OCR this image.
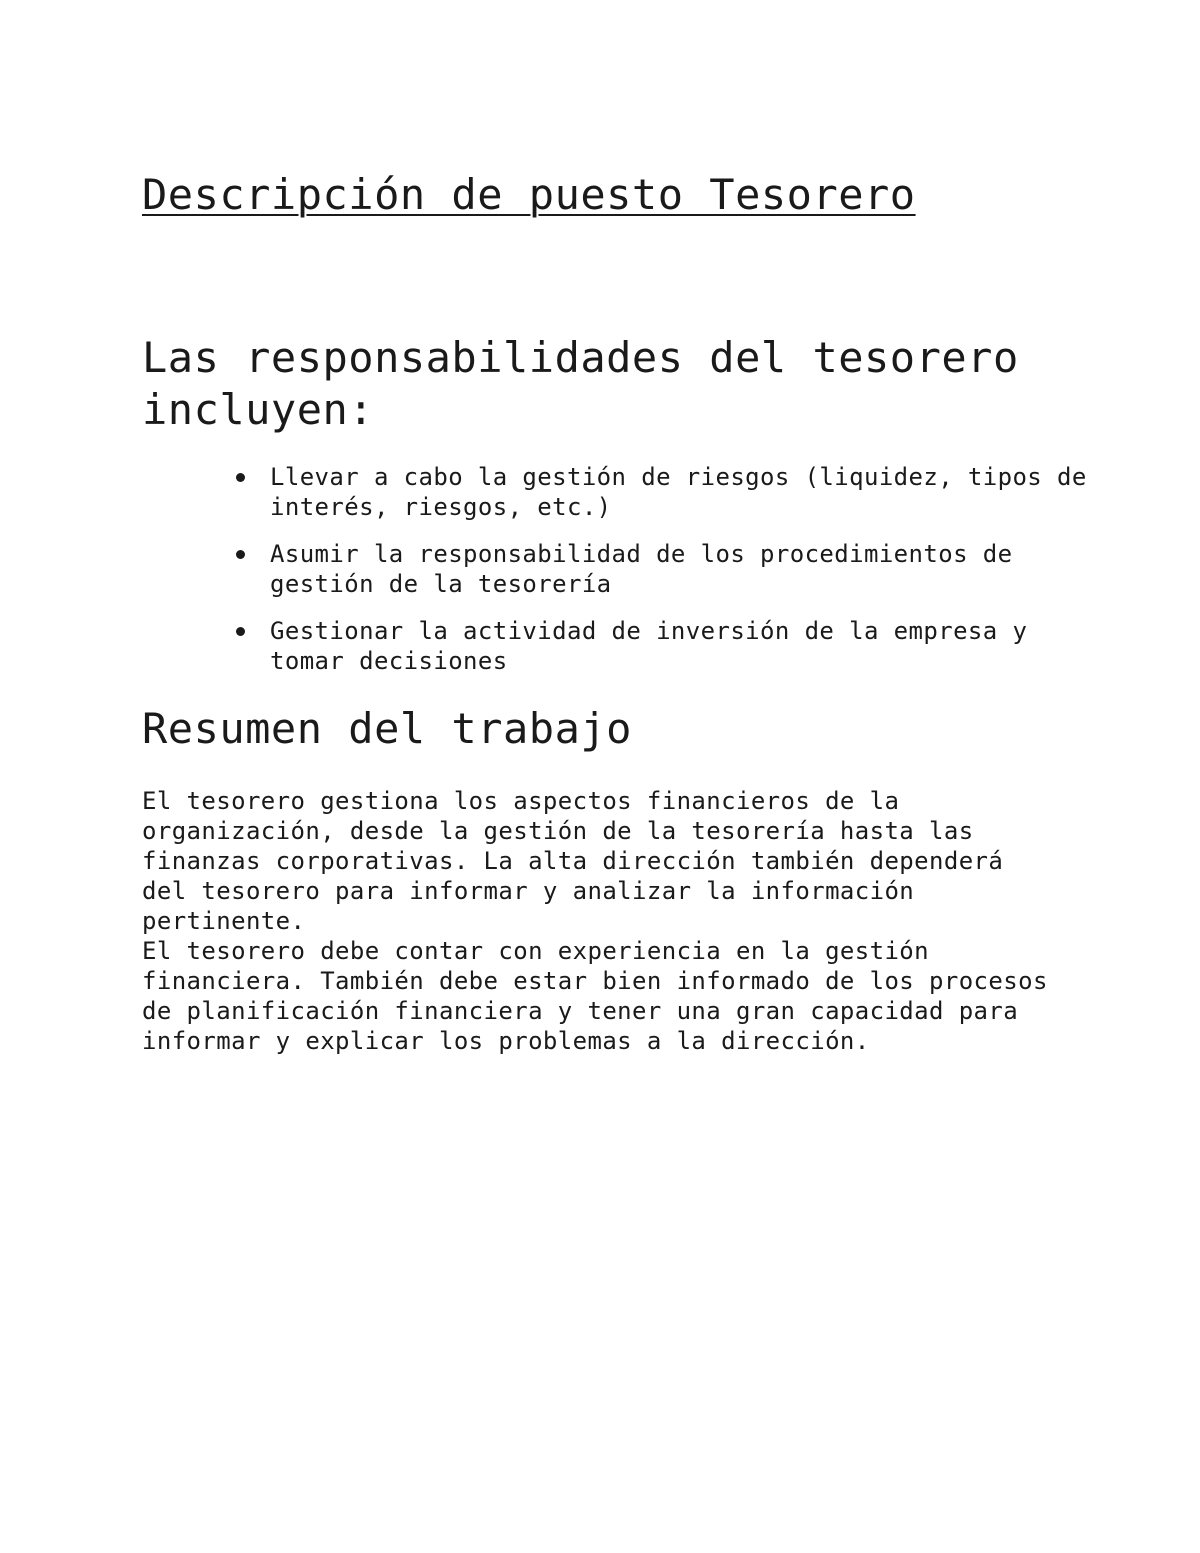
Descripción de puesto Tesorero
Las responsabilidades del tesorero incluyen:
Llevar a cabo la gestión de riesgos (liquidez, tipos de interés, riesgos, etc.)
Asumir la responsabilidad de los procedimientos de gestión de la tesorería
Gestionar la actividad de inversión de la empresa y tomar decisiones
Resumen del trabajo

El tesorero gestiona los aspectos financieros de la organización, desde la gestión de la tesorería hasta las finanzas corporativas. La alta dirección también dependerá del tesorero para informar y analizar la información pertinente.

El tesorero debe contar con experiencia en la gestión financiera. También debe estar bien informado de los procesos de planificación financiera y tener una gran capacidad para informar y explicar los problemas a la dirección.
